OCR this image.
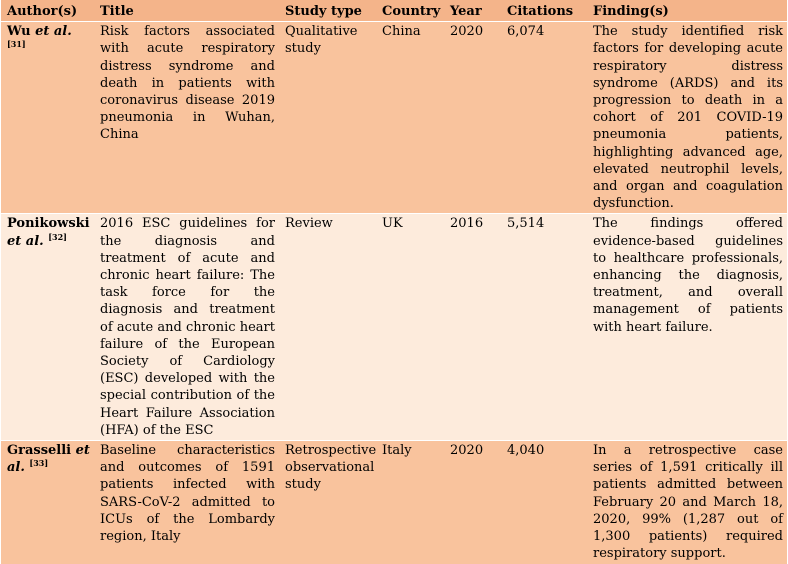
Author(s)	Title	Study type	Country	Year	Citations	Finding(s)
Wu et al. [31]	Risk factors associated with acute respiratory distress syndrome and death in patients with coronavirus disease 2019 pneumonia in Wuhan, China	Qualitative study	China	2020	6,074	The study identified risk factors for developing acute respiratory distress syndrome (ARDS) and its progression to death in a cohort of 201 COVID-19 pneumonia patients, highlighting advanced age, elevated neutrophil levels, and organ and coagulation dysfunction.
Ponikowski et al. [32]	2016 ESC guidelines for the diagnosis and treatment of acute and chronic heart failure: The task force for the diagnosis and treatment of acute and chronic heart failure of the European Society of Cardiology (ESC) developed with the special contribution of the Heart Failure Association (HFA) of the ESC	Review	UK	2016	5,514	The findings offered evidence-based guidelines to healthcare professionals, enhancing the diagnosis, treatment, and overall management of patients with heart failure.
Grasselli et al. [33]	Baseline characteristics and outcomes of 1591 patients infected with SARS-CoV-2 admitted to ICUs of the Lombardy region, Italy	Retrospective observational study	Italy	2020	4,040	In a retrospective case series of 1,591 critically ill patients admitted between February 20 and March 18, 2020, 99% (1,287 out of 1,300 patients) required respiratory support.
